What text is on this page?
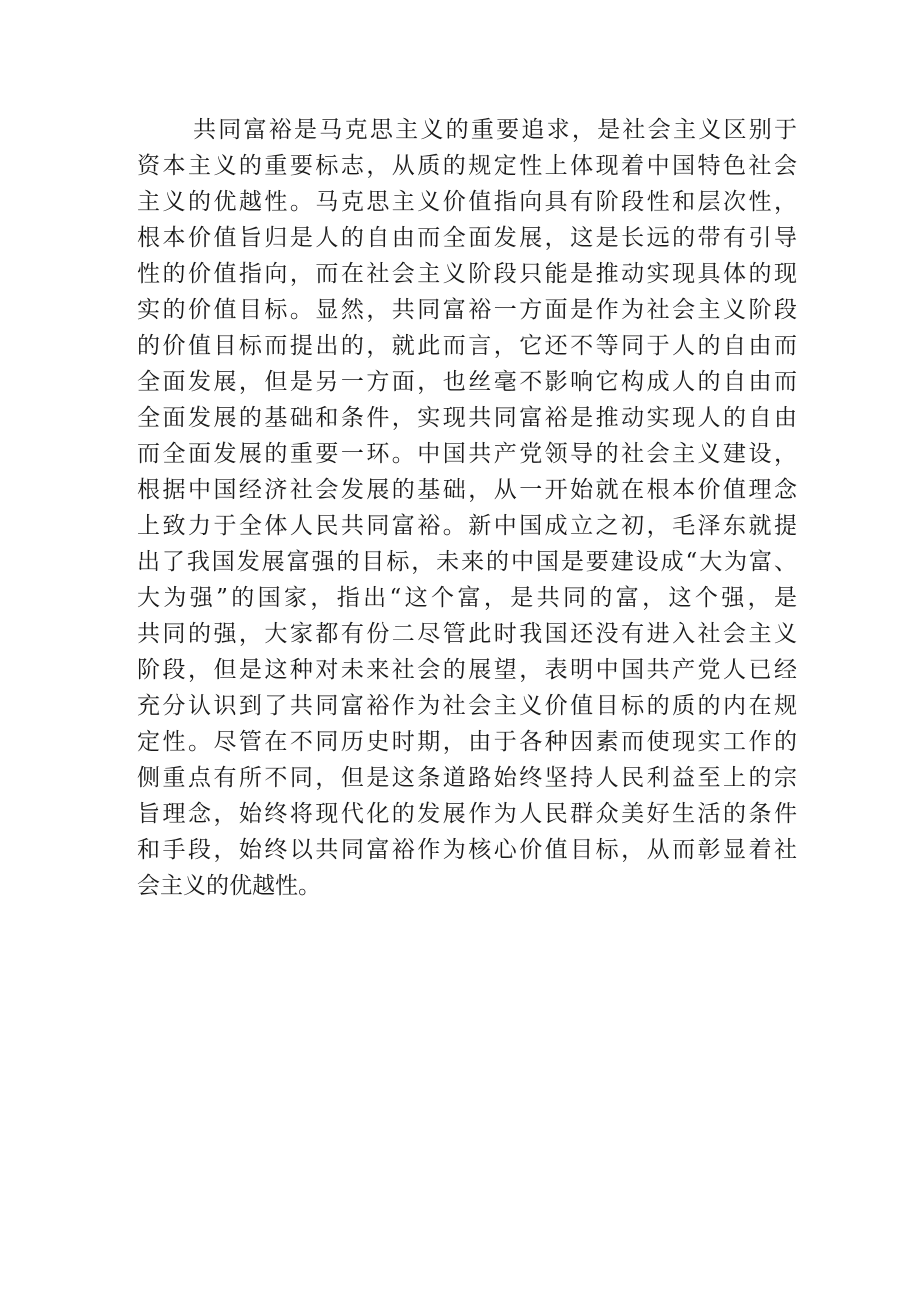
共同富裕是马克思主义的重要追求，是社会主义区别于
资本主义的重要标志，从质的规定性上体现着中国特色社会
主义的优越性。马克思主义价值指向具有阶段性和层次性，
根本价值旨归是人的自由而全面发展，这是长远的带有引导
性的价值指向，而在社会主义阶段只能是推动实现具体的现
实的价值目标。显然，共同富裕一方面是作为社会主义阶段
的价值目标而提出的，就此而言，它还不等同于人的自由而
全面发展，但是另一方面，也丝毫不影响它构成人的自由而
全面发展的基础和条件，实现共同富裕是推动实现人的自由
而全面发展的重要一环。中国共产党领导的社会主义建设，
根据中国经济社会发展的基础，从一开始就在根本价值理念
上致力于全体人民共同富裕。新中国成立之初，毛泽东就提
出了我国发展富强的目标，未来的中国是要建设成“大为富、
大为强”的国家，指出“这个富，是共同的富，这个强，是
共同的强，大家都有份二尽管此时我国还没有进入社会主义
阶段，但是这种对未来社会的展望，表明中国共产党人已经
充分认识到了共同富裕作为社会主义价值目标的质的内在规
定性。尽管在不同历史时期，由于各种因素而使现实工作的
侧重点有所不同，但是这条道路始终坚持人民利益至上的宗
旨理念，始终将现代化的发展作为人民群众美好生活的条件
和手段，始终以共同富裕作为核心价值目标，从而彰显着社
会主义的优越性。
